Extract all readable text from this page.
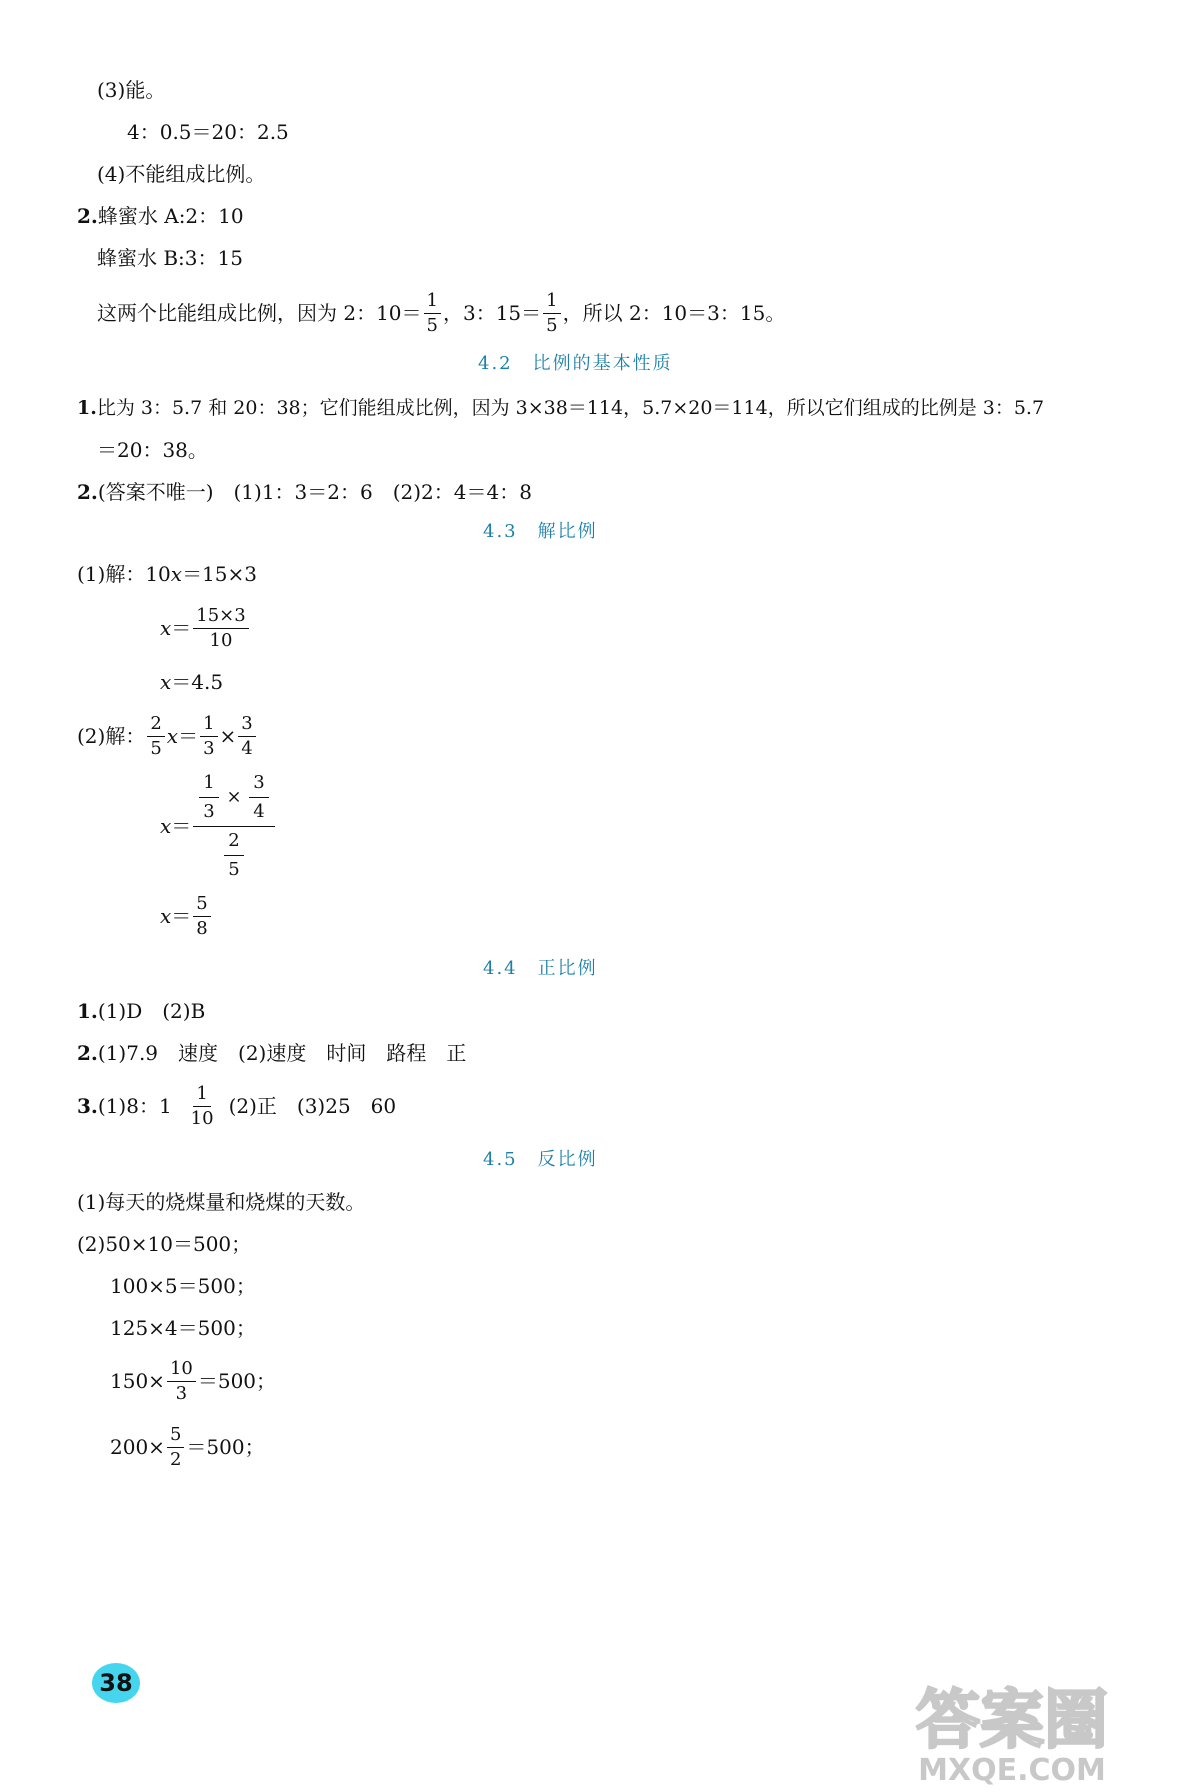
(3)能。
4：0.5＝20：2.5
(4)不能组成比例。
2. 蜂蜜水 A:2：10
蜂蜜水 B:3：15
这两个比能组成比例，因为 2：$10= \frac{1}{5}$ ，3：$15= \frac{1}{5}$ ，所以 2：10＝3：15。
4.2　比例的基本性质
1. 比为 3：5.7 和 20：38；它们能组成比例，因为 3×38＝114，5.7×20＝114，所以它们组成的比例是 3：5.7
＝20：38。
2. (答案不唯一)　(1)1：3＝2：6　(2)2：4＝4：8
4.3　解比例
(1)解：10 x ＝15×3
$x = \frac{15\times 3}{10}$
x ＝4.5
(2)解： $\frac{2}{5}$ $x = \frac{1}{3} \times \frac{3}{4}$
$x = \frac{\frac{1}{3} \times \frac{3}{4}}{\frac{2}{5}}$
$x = \frac{5}{8}$
4.4　正比例
1. (1)D　(2)B
2. (1)7.9　速度　(2)速度　时间　路程　正
3. (1)8：$1 \frac{1}{10} (2)$正　(3)25　60
4.5　反比例
(1)每天的烧煤量和烧煤的天数。
(2)50×10＝500；
100×5＝500；
125×4＝500；
$150\times \frac{10}{3} =500$；
$200\times \frac{5}{2} =500$；
38
答案圈
MXQE.COM
